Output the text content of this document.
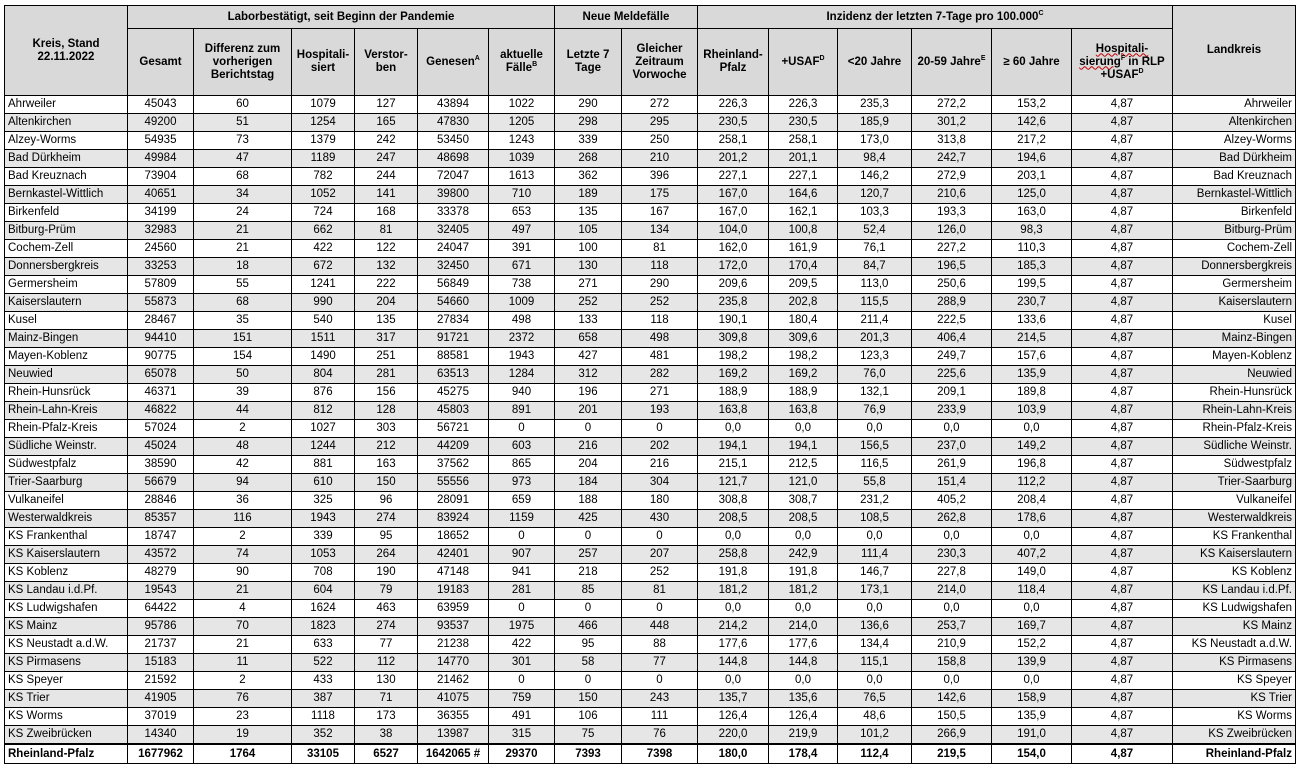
Kreis, Stand 22.11.2022	Laborbestätigt, seit Beginn der Pandemie						Neue Meldefälle		Inzidenz der letzten 7-Tage pro $100.000^C$						Landkreis
	Gesamt	Differenz zum vorherigen Berichtstag	Hospitali-siert	Verstor-ben	Genesen$^A$	aktuelle Fälle$^B$	Letzte 7 Tage	Gleicher Zeitraum Vorwoche	Rheinland-Pfalz	$+USAF^D$	<20 Jahre	20-59 Jahre$^E$	≥ 60 Jahre	Hospitali-sierung$^F$ in RLP $+USAF^D$
Ahrweiler	45043	60	1079	127	43894	1022	290	272	226,3	226,3	235,3	272,2	153,2	4,87	Ahrweiler
Altenkirchen	49200	51	1254	165	47830	1205	298	295	230,5	230,5	185,9	301,2	142,6	4,87	Altenkirchen
Alzey-Worms	54935	73	1379	242	53450	1243	339	250	258,1	258,1	173,0	313,8	217,2	4,87	Alzey-Worms
Bad Dürkheim	49984	47	1189	247	48698	1039	268	210	201,2	201,1	98,4	242,7	194,6	4,87	Bad Dürkheim
Bad Kreuznach	73904	68	782	244	72047	1613	362	396	227,1	227,1	146,2	272,9	203,1	4,87	Bad Kreuznach
Bernkastel-Wittlich	40651	34	1052	141	39800	710	189	175	167,0	164,6	120,7	210,6	125,0	4,87	Bernkastel-Wittlich
Birkenfeld	34199	24	724	168	33378	653	135	167	167,0	162,1	103,3	193,3	163,0	4,87	Birkenfeld
Bitburg-Prüm	32983	21	662	81	32405	497	105	134	104,0	100,8	52,4	126,0	98,3	4,87	Bitburg-Prüm
Cochem-Zell	24560	21	422	122	24047	391	100	81	162,0	161,9	76,1	227,2	110,3	4,87	Cochem-Zell
Donnersbergkreis	33253	18	672	132	32450	671	130	118	172,0	170,4	84,7	196,5	185,3	4,87	Donnersbergkreis
Germersheim	57809	55	1241	222	56849	738	271	290	209,6	209,5	113,0	250,6	199,5	4,87	Germersheim
Kaiserslautern	55873	68	990	204	54660	1009	252	252	235,8	202,8	115,5	288,9	230,7	4,87	Kaiserslautern
Kusel	28467	35	540	135	27834	498	133	118	190,1	180,4	211,4	222,5	133,6	4,87	Kusel
Mainz-Bingen	94410	151	1511	317	91721	2372	658	498	309,8	309,6	201,3	406,4	214,5	4,87	Mainz-Bingen
Mayen-Koblenz	90775	154	1490	251	88581	1943	427	481	198,2	198,2	123,3	249,7	157,6	4,87	Mayen-Koblenz
Neuwied	65078	50	804	281	63513	1284	312	282	169,2	169,2	76,0	225,6	135,9	4,87	Neuwied
Rhein-Hunsrück	46371	39	876	156	45275	940	196	271	188,9	188,9	132,1	209,1	189,8	4,87	Rhein-Hunsrück
Rhein-Lahn-Kreis	46822	44	812	128	45803	891	201	193	163,8	163,8	76,9	233,9	103,9	4,87	Rhein-Lahn-Kreis
Rhein-Pfalz-Kreis	57024	2	1027	303	56721	0	0	0	0,0	0,0	0,0	0,0	0,0	4,87	Rhein-Pfalz-Kreis
Südliche Weinstr.	45024	48	1244	212	44209	603	216	202	194,1	194,1	156,5	237,0	149,2	4,87	Südliche Weinstr.
Südwestpfalz	38590	42	881	163	37562	865	204	216	215,1	212,5	116,5	261,9	196,8	4,87	Südwestpfalz
Trier-Saarburg	56679	94	610	150	55556	973	184	304	121,7	121,0	55,8	151,4	112,2	4,87	Trier-Saarburg
Vulkaneifel	28846	36	325	96	28091	659	188	180	308,8	308,7	231,2	405,2	208,4	4,87	Vulkaneifel
Westerwaldkreis	85357	116	1943	274	83924	1159	425	430	208,5	208,5	108,5	262,8	178,6	4,87	Westerwaldkreis
KS Frankenthal	18747	2	339	95	18652	0	0	0	0,0	0,0	0,0	0,0	0,0	4,87	KS Frankenthal
KS Kaiserslautern	43572	74	1053	264	42401	907	257	207	258,8	242,9	111,4	230,3	407,2	4,87	KS Kaiserslautern
KS Koblenz	48279	90	708	190	47148	941	218	252	191,8	191,8	146,7	227,8	149,0	4,87	KS Koblenz
KS Landau i.d.Pf.	19543	21	604	79	19183	281	85	81	181,2	181,2	173,1	214,0	118,4	4,87	KS Landau i.d.Pf.
KS Ludwigshafen	64422	4	1624	463	63959	0	0	0	0,0	0,0	0,0	0,0	0,0	4,87	KS Ludwigshafen
KS Mainz	95786	70	1823	274	93537	1975	466	448	214,2	214,0	136,6	253,7	169,7	4,87	KS Mainz
KS Neustadt a.d.W.	21737	21	633	77	21238	422	95	88	177,6	177,6	134,4	210,9	152,2	4,87	KS Neustadt a.d.W.
KS Pirmasens	15183	11	522	112	14770	301	58	77	144,8	144,8	115,1	158,8	139,9	4,87	KS Pirmasens
KS Speyer	21592	2	433	130	21462	0	0	0	0,0	0,0	0,0	0,0	0,0	4,87	KS Speyer
KS Trier	41905	76	387	71	41075	759	150	243	135,7	135,6	76,5	142,6	158,9	4,87	KS Trier
KS Worms	37019	23	1118	173	36355	491	106	111	126,4	126,4	48,6	150,5	135,9	4,87	KS Worms
KS Zweibrücken	14340	19	352	38	13987	315	75	76	220,0	219,9	101,2	266,9	191,0	4,87	KS Zweibrücken
Rheinland-Pfalz	1677962	1764	33105	6527	1642065 #	29370	7393	7398	180,0	178,4	112,4	219,5	154,0	4,87	Rheinland-Pfalz
